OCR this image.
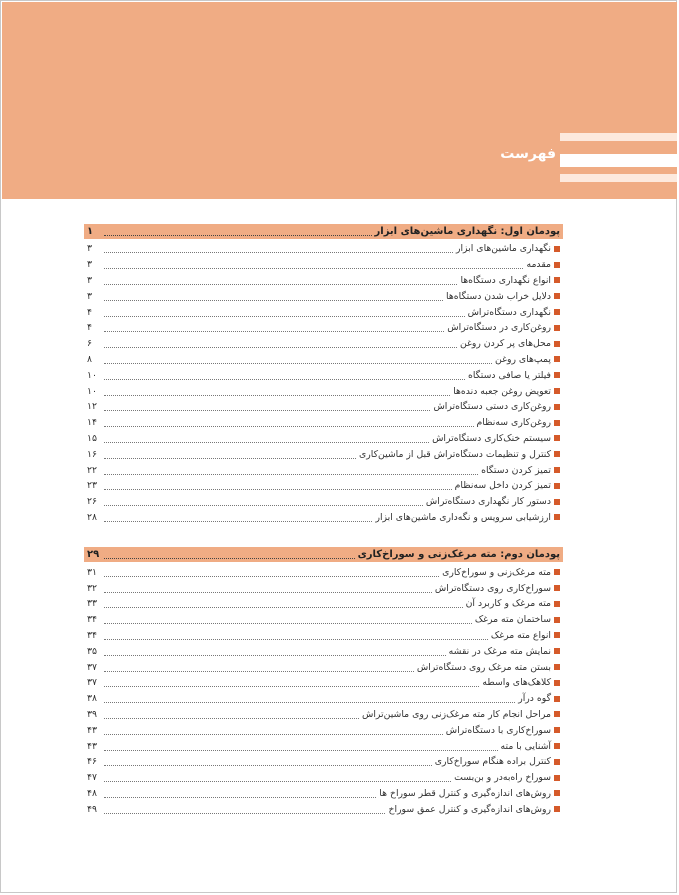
فهرست
پودمان اول: نگهداری ماشین‌های ابزار
۱
نگهداری ماشین‌های ابزار
۳
مقدمه
۳
انواع نگهداری دستگاه‌ها
۳
دلایل خراب شدن دستگاه‌ها
۳
نگهداری دستگاه‌تراش
۴
روغن‌کاری در دستگاه‌تراش
۴
محل‌های پر کردن روغن
۶
پمپ‌های روغن
۸
فیلتر یا صافی دستگاه
۱۰
تعویض روغن جعبه دنده‌ها
۱۰
روغن‌کاری دستی دستگاه‌تراش
۱۲
روغن‌کاری سه‌نظام
۱۴
سیستم خنک‌کاری دستگاه‌تراش
۱۵
کنترل و تنظیمات دستگاه‌تراش قبل از ماشین‌کاری
۱۶
تمیز کردن دستگاه
۲۲
تمیز کردن داخل سه‌نظام
۲۳
دستور کار نگهداری دستگاه‌تراش
۲۶
ارزشیابی سرویس و نگه‌داری ماشین‌های ابزار
۲۸
پودمان دوم: مته مرغک‌زنی و سوراخ‌کاری
۲۹
مته مرغک‌زنی و سوراخ‌کاری
۳۱
سوراخ‌کاری روی دستگاه‌تراش
۳۲
مته مرغک و کاربرد آن
۳۳
ساختمان مته مرغک
۳۴
انواع مته مرغک
۳۴
نمایش مته مرغک در نقشه
۳۵
بستن مته مرغک روی دستگاه‌تراش
۳۷
کلاهک‌های واسطه
۳۷
گوه درآر
۳۸
مراحل انجام کار مته مرغک‌زنی روی ماشین‌تراش
۳۹
سوراخ‌کاری با دستگاه‌تراش
۴۳
آشنایی با مته
۴۳
کنترل براده هنگام سوراخ‌کاری
۴۶
سوراخ راه‌به‌در و بن‌بست
۴۷
روش‌های اندازه‌گیری و کنترل قطر سوراخ ها
۴۸
روش‌های اندازه‌گیری و کنترل عمق سوراخ
۴۹
